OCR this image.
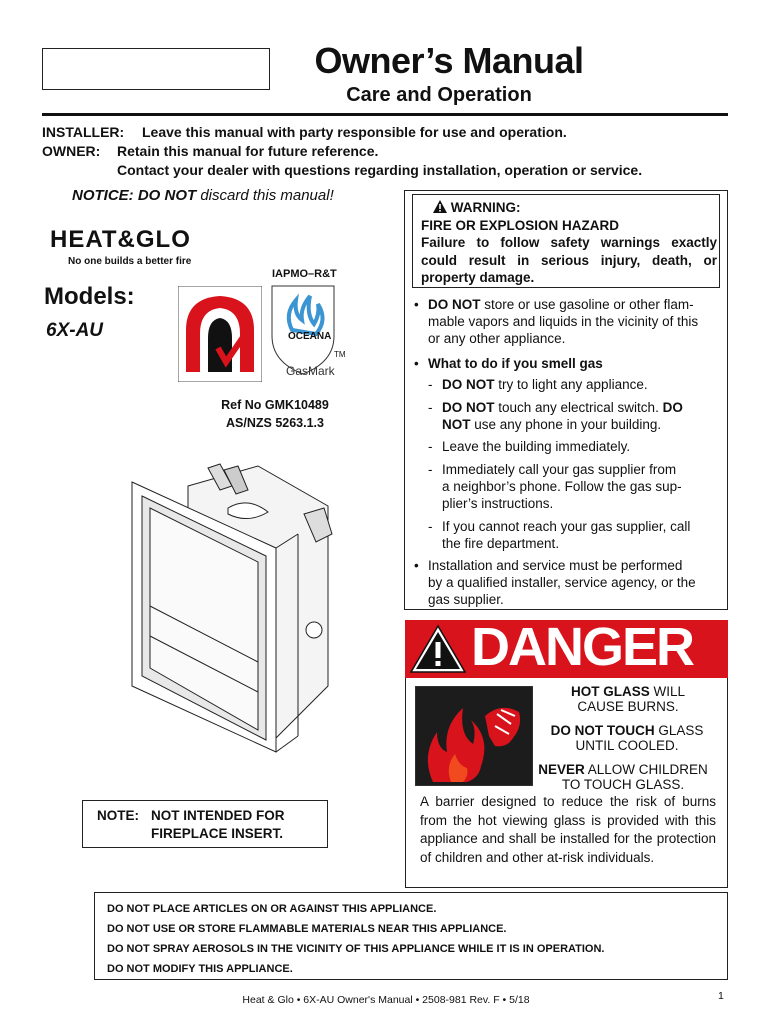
Owner’s Manual
Care and Operation
INSTALLER: Leave this manual with party responsible for use and operation.
OWNER: Retain this manual for future reference.
Contact your dealer with questions regarding installation, operation or service.
NOTICE: DO NOT discard this manual!
HEAT&GLO
No one builds a better fire
IAPMO–R&T
OCEANA
TM
GasMark
Models:
6X-AU
Ref No GMK10489
AS/NZS 5263.1.3
NOTE: NOT INTENDED FOR
FIREPLACE INSERT.
WARNING:
FIRE OR EXPLOSION HAZARD
Failure to follow safety warnings exactly could result in serious injury, death, or property damage.
• DO NOT store or use gasoline or other flam-
mable vapors and liquids in the vicinity of this
or any other appliance.
• What to do if you smell gas
- DO NOT try to light any appliance.
- DO NOT touch any electrical switch. DO
NOT use any phone in your building.
- Leave the building immediately.
- Immediately call your gas supplier from
a neighbor’s phone. Follow the gas sup-
plier’s instructions.
- If you cannot reach your gas supplier, call
the fire department.
• Installation and service must be performed
by a qualified installer, service agency, or the
gas supplier.
DANGER
HOT GLASS WILL
CAUSE BURNS.
DO NOT TOUCH GLASS
UNTIL COOLED.
NEVER ALLOW CHILDREN
TO TOUCH GLASS.
A barrier designed to reduce the risk of burns from the hot viewing glass is provided with this appliance and shall be installed for the protection of children and other at-risk individuals.
DO NOT PLACE ARTICLES ON OR AGAINST THIS APPLIANCE.
DO NOT USE OR STORE FLAMMABLE MATERIALS NEAR THIS APPLIANCE.
DO NOT SPRAY AEROSOLS IN THE VICINITY OF THIS APPLIANCE WHILE IT IS IN OPERATION.
DO NOT MODIFY THIS APPLIANCE.
Heat & Glo • 6X-AU Owner's Manual • 2508-981 Rev. F • 5/18	1
